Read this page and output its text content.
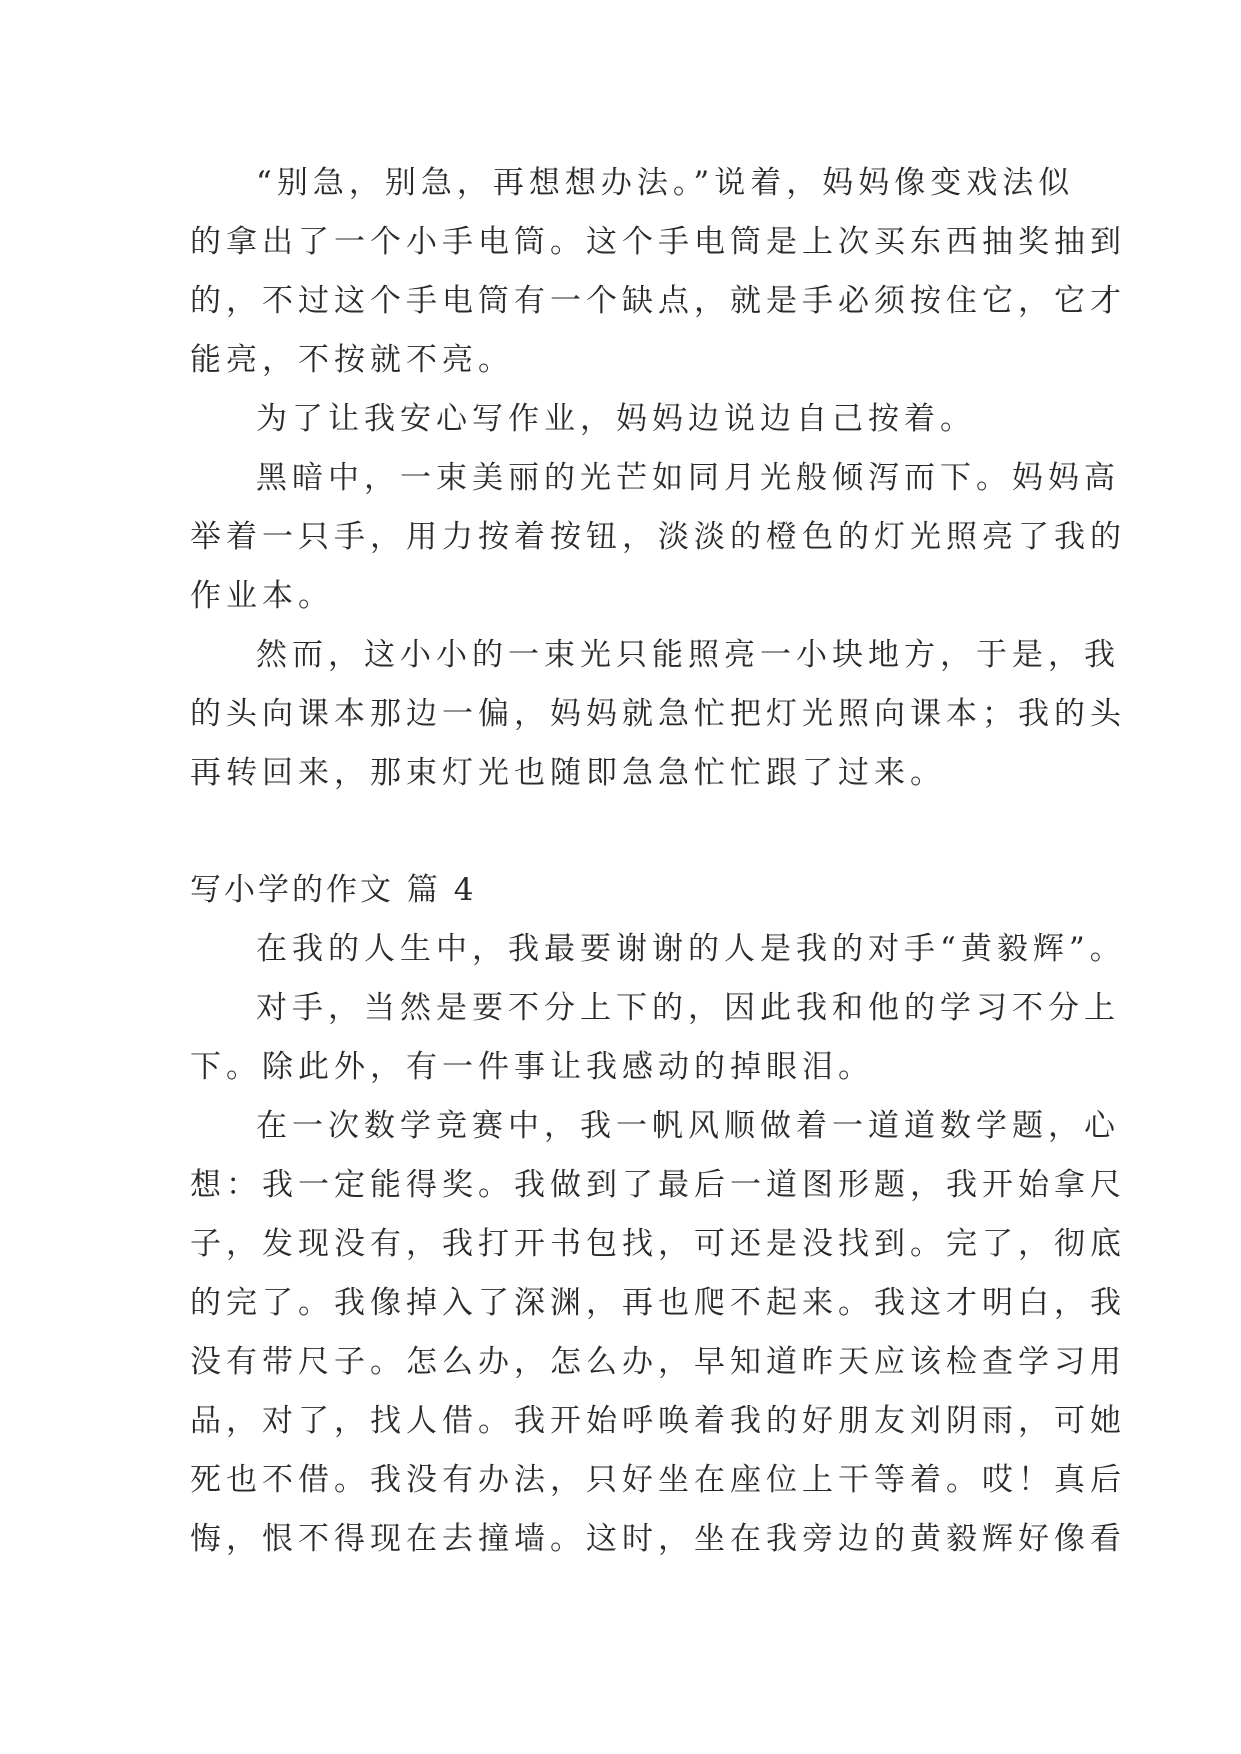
“别急，别急，再想想办法。”说着，妈妈像变戏法似
的拿出了一个小手电筒。这个手电筒是上次买东西抽奖抽到
的，不过这个手电筒有一个缺点，就是手必须按住它，它才
能亮，不按就不亮。

为了让我安心写作业，妈妈边说边自己按着。

黑暗中，一束美丽的光芒如同月光般倾泻而下。妈妈高
举着一只手，用力按着按钮，淡淡的橙色的灯光照亮了我的
作业本。

然而，这小小的一束光只能照亮一小块地方，于是，我
的头向课本那边一偏，妈妈就急忙把灯光照向课本；我的头
再转回来，那束灯光也随即急急忙忙跟了过来。

写小学的作文 篇 4

在我的人生中，我最要谢谢的人是我的对手“黄毅辉”。

对手，当然是要不分上下的，因此我和他的学习不分上
下。除此外，有一件事让我感动的掉眼泪。

在一次数学竞赛中，我一帆风顺做着一道道数学题，心
想：我一定能得奖。我做到了最后一道图形题，我开始拿尺
子，发现没有，我打开书包找，可还是没找到。完了，彻底
的完了。我像掉入了深渊，再也爬不起来。我这才明白，我
没有带尺子。怎么办，怎么办，早知道昨天应该检查学习用
品，对了，找人借。我开始呼唤着我的好朋友刘阴雨，可她
死也不借。我没有办法，只好坐在座位上干等着。哎！真后
悔，恨不得现在去撞墙。这时，坐在我旁边的黄毅辉好像看
